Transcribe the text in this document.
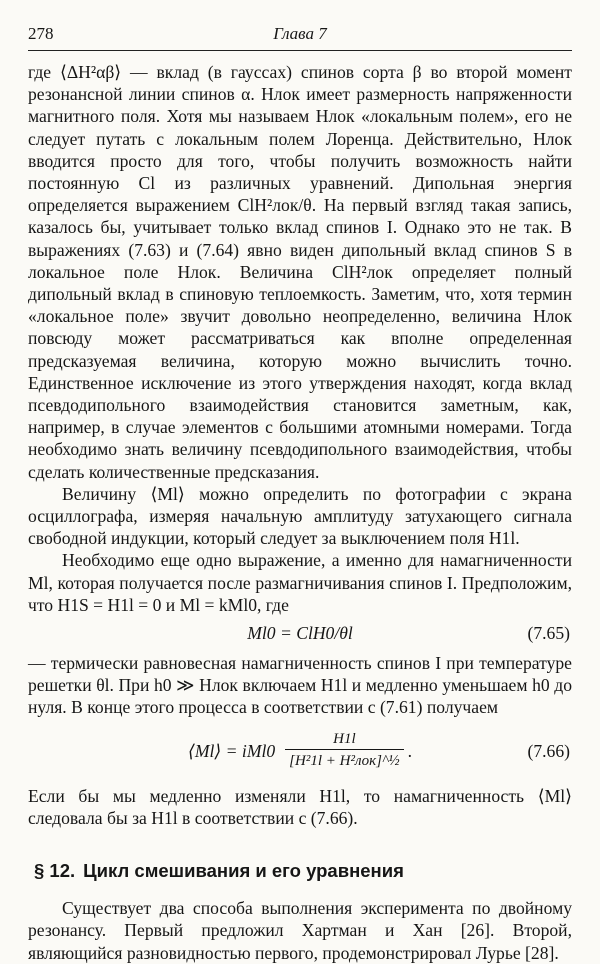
278	Глава 7

где ⟨ΔH²αβ⟩ — вклад (в гауссах) спинов сорта β во второй момент резонансной линии спинов α. Hлок имеет размерность напряженности магнитного поля. Хотя мы называем Hлок «локальным полем», его не следует путать с локальным полем Лоренца. Действительно, Hлок вводится просто для того, чтобы получить возможность найти постоянную Cl из различных уравнений. Дипольная энергия определяется выражением ClH²лок/θ. На первый взгляд такая запись, казалось бы, учитывает только вклад спинов I. Однако это не так. В выражениях (7.63) и (7.64) явно виден дипольный вклад спинов S в локальное поле Hлок. Величина ClH²лок определяет полный дипольный вклад в спиновую теплоемкость. Заметим, что, хотя термин «локальное поле» звучит довольно неопределенно, величина Hлок повсюду может рассматриваться как вполне определенная предсказуемая величина, которую можно вычислить точно. Единственное исключение из этого утверждения находят, когда вклад псевдодипольного взаимодействия становится заметным, как, например, в случае элементов с большими атомными номерами. Тогда необходимо знать величину псевдодипольного взаимодействия, чтобы сделать количественные предсказания.

Величину ⟨Ml⟩ можно определить по фотографии с экрана осциллографа, измеряя начальную амплитуду затухающего сигнала свободной индукции, который следует за выключением поля H1l.

Необходимо еще одно выражение, а именно для намагниченности Ml, которая получается после размагничивания спинов I. Предположим, что H1S = H1l = 0 и Ml = kMl0, где

Ml0 = ClH0/θl	(7.65)

— термически равновесная намагниченность спинов I при температуре решетки θl. При h0 ≫ Hлок включаем H1l и медленно уменьшаем h0 до нуля. В конце этого процесса в соответствии с (7.61) получаем

⟨Ml⟩ = $iMl0 \frac{H1l}{\text{[H²1l + H²лок]\textasciicircum{}½}}$ .	(7.66)

Если бы мы медленно изменяли H1l, то намагниченность ⟨Ml⟩ следовала бы за H1l в соответствии с (7.66).

§ 12. Цикл смешивания и его уравнения

Существует два способа выполнения эксперимента по двойному резонансу. Первый предложил Хартман и Хан [26]. Второй, являющийся разновидностью первого, продемонстрировал Лурье [28].
